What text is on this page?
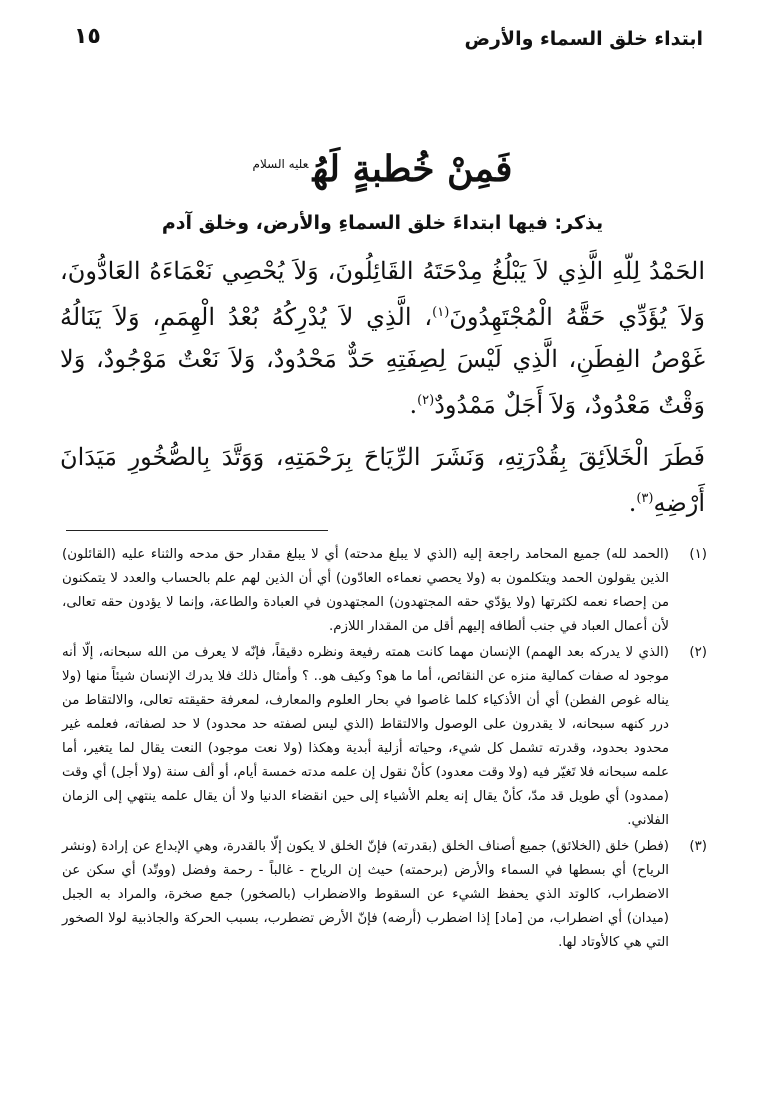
ابتداء خلق السماء والأرض
١٥
فَمِنْ خُطبةٍ لَهُ$^{عليه السلام}$
يذكر: فيها ابتداءَ خلق السماءِ والأرض، وخلق آدم

الحَمْدُ لِلّهِ الَّذِي لاَ يَبْلُغُ مِدْحَتَهُ القَائِلُونَ، وَلاَ يُحْصِي نَعْمَاءَهُ العَادُّونَ، وَلاَ يُؤَدِّي حَقَّهُ الْمُجْتَهِدُونَ$^{(١)}$، الَّذِي لاَ يُدْرِكُهُ بُعْدُ الْهِمَمِ، وَلاَ يَنَالُهُ غَوْصُ الفِطَنِ، الَّذِي لَيْسَ لِصِفَتِهِ حَدٌّ مَحْدُودٌ، وَلاَ نَعْتٌ مَوْجُودٌ، وَلا وَقْتٌ مَعْدُودٌ، وَلاَ أَجَلٌ مَمْدُودٌ$^{(٢)}$.

فَطَرَ الْخَلاَئِقَ بِقُدْرَتِهِ، وَنَشَرَ الرِّيَاحَ بِرَحْمَتِهِ، وَوَتَّدَ بِالصُّخُورِ مَيَدَانَ أَرْضِهِ$^{(٣)}$.

(١)
(الحمد لله) جميع المحامد راجعة إليه (الذي لا يبلغ مدحته) أي لا يبلغ مقدار حق مدحه والثناء عليه (القائلون) الذين يقولون الحمد ويتكلمون به (ولا يحصي نعماءه العادّون) أي أن الذين لهم علم بالحساب والعدد لا يتمكنون من إحصاء نعمه لكثرتها (ولا يؤدّي حقه المجتهدون) المجتهدون في العبادة والطاعة، وإنما لا يؤدون حقه تعالى، لأن أعمال العباد في جنب ألطافه إليهم أقل من المقدار اللازم.
(٢)
(الذي لا يدركه بعد الهمم) الإنسان مهما كانت همته رفيعة ونظره دقيقاً، فإنّه لا يعرف من الله سبحانه، إلّا أنه موجود له صفات كمالية منزه عن النقائص، أما ما هو؟ وكيف هو.. ؟ وأمثال ذلك فلا يدرك الإنسان شيئاً منها (ولا يناله غوص الفطن) أي أن الأذكياء كلما غاصوا في بحار العلوم والمعارف، لمعرفة حقيقته تعالى، والالتقاط من درر كنهه سبحانه، لا يقدرون على الوصول والالتقاط (الذي ليس لصفته حد محدود) لا حد لصفاته، فعلمه غير محدود بحدود، وقدرته تشمل كل شيء، وحياته أزلية أبدية وهكذا (ولا نعت موجود) النعت يقال لما يتغير، أما علمه سبحانه فلا تَغيّر فيه (ولا وقت معدود) كأنْ نقول إن علمه مدته خمسة أيام، أو ألف سنة (ولا أجل) أي وقت (ممدود) أي طويل قد مدّ، كأنْ يقال إنه يعلم الأشياء إلى حين انقضاء الدنيا ولا أن يقال علمه ينتهي إلى الزمان الفلاني.
(٣)
(فطر) خلق (الخلائق) جميع أصناف الخلق (بقدرته) فإنّ الخلق لا يكون إلّا بالقدرة، وهي الإبداع عن إرادة (ونشر الرياح) أي بسطها في السماء والأرض (برحمته) حيث إن الرياح - غالباً - رحمة وفضل (ووتّد) أي سكن عن الاضطراب، كالوتد الذي يحفظ الشيء عن السقوط والاضطراب (بالصخور) جمع صخرة، والمراد به الجبل (ميدان) أي اضطراب، من [ماد] إذا اضطرب (أرضه) فإنّ الأرض تضطرب، بسبب الحركة والجاذبية لولا الصخور التي هي كالأوتاد لها.
